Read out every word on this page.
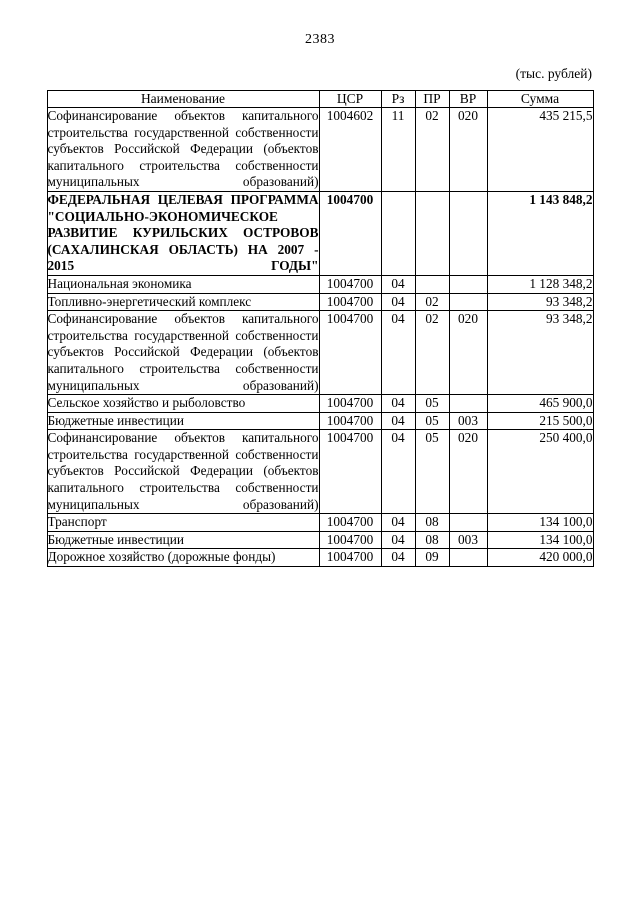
2383
(тыс. рублей)
Наименование	ЦСР	Рз	ПР	ВР	Сумма

Софинансирование объектов капитального строительства государственной собственности субъектов Российской Федерации (объектов капитального строительства собственности муниципальных образований)	1004602	11	02	020	435 215,5

ФЕДЕРАЛЬНАЯ ЦЕЛЕВАЯ ПРОГРАММА "СОЦИАЛЬНО-ЭКОНОМИЧЕСКОЕ РАЗВИТИЕ КУРИЛЬСКИХ ОСТРОВОВ (САХАЛИНСКАЯ ОБЛАСТЬ) НА 2007 - 2015 ГОДЫ"	1004700				1 143 848,2
Национальная экономика	1004700	04			1 128 348,2
Топливно-энергетический комплекс	1004700	04	02		93 348,2

Софинансирование объектов капитального строительства государственной собственности субъектов Российской Федерации (объектов капитального строительства собственности муниципальных образований)	1004700	04	02	020	93 348,2
Сельское хозяйство и рыболовство	1004700	04	05		465 900,0
Бюджетные инвестиции	1004700	04	05	003	215 500,0

Софинансирование объектов капитального строительства государственной собственности субъектов Российской Федерации (объектов капитального строительства собственности муниципальных образований)	1004700	04	05	020	250 400,0
Транспорт	1004700	04	08		134 100,0
Бюджетные инвестиции	1004700	04	08	003	134 100,0
Дорожное хозяйство (дорожные фонды)	1004700	04	09		420 000,0
